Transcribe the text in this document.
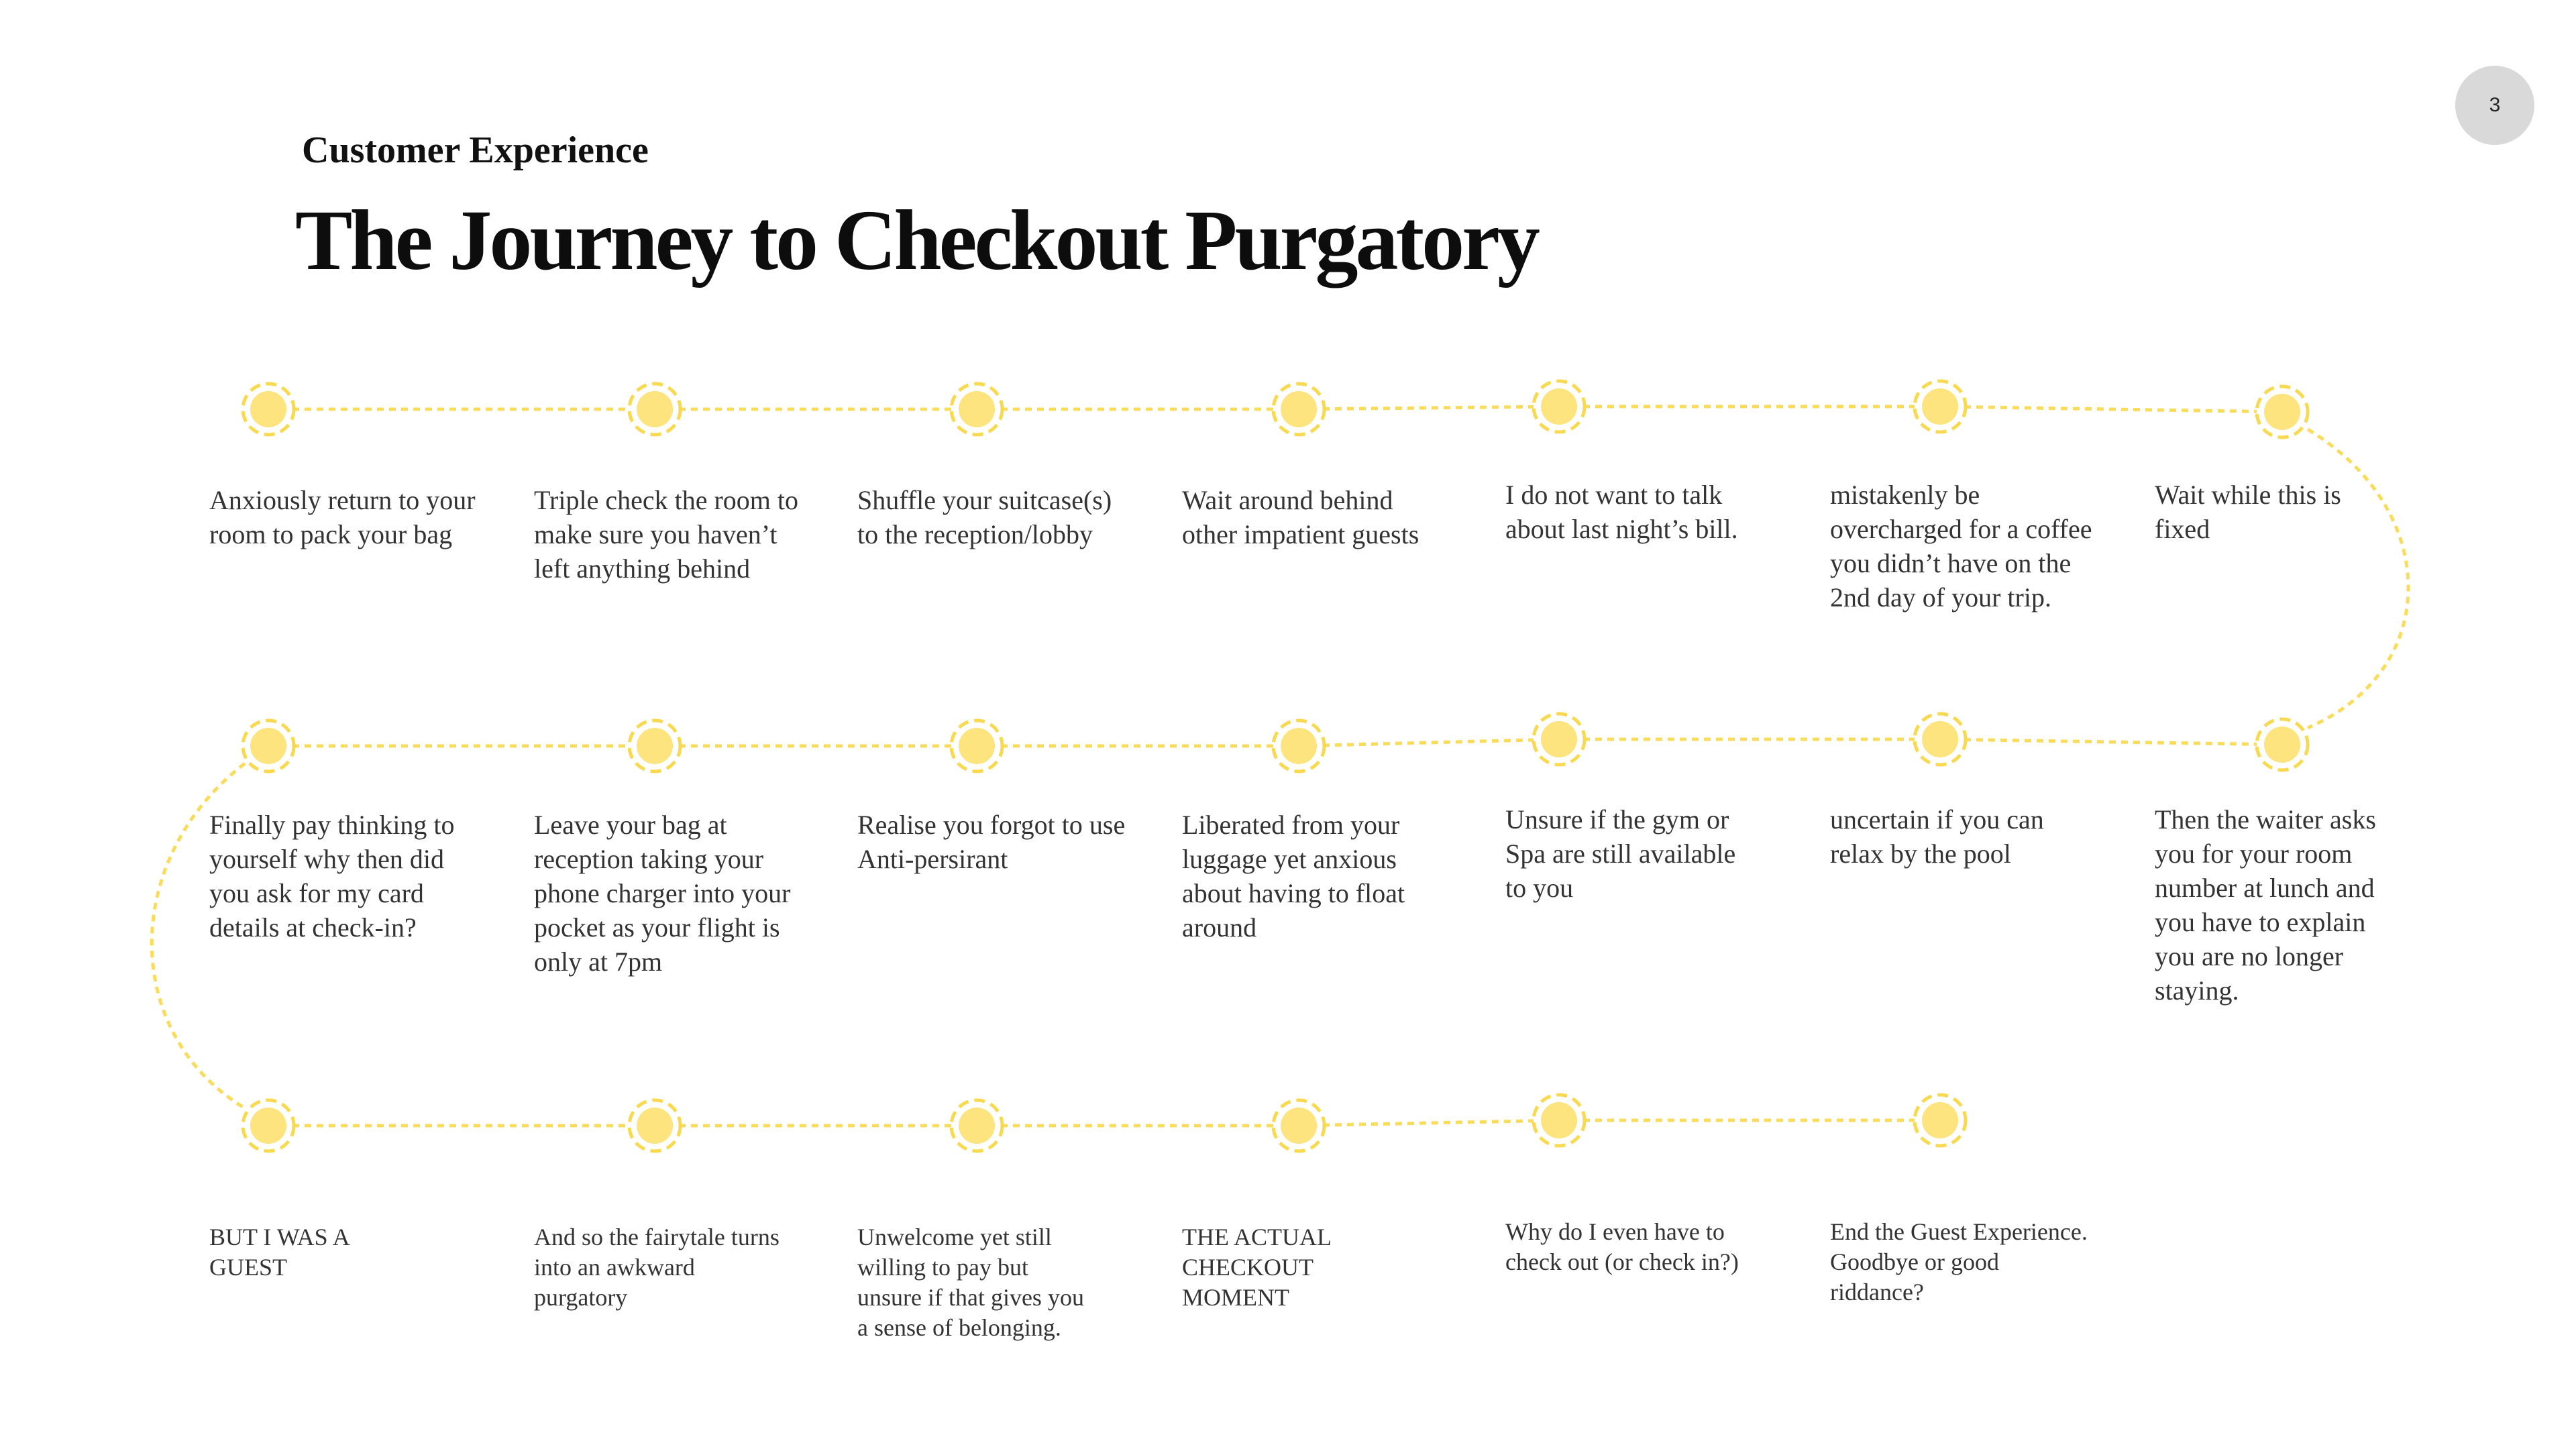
3
Customer Experience
The Journey to Checkout Purgatory

Anxiously return to your room to pack your bag

Triple check the room to make sure you haven’t left anything behind

Shuffle your suitcase(s) to the reception/lobby

Wait around behind other impatient guests

I do not want to talk about last night’s bill.

mistakenly be overcharged for a coffee you didn’t have on the 2nd day of your trip.

Wait while this is fixed

Then the waiter asks you for your room number at lunch and you have to explain you are no longer staying.

uncertain if you can relax by the pool

Unsure if the gym or Spa are still available to you

Liberated from your luggage yet anxious about having to float around

Realise you forgot to use Anti-persirant

Leave your bag at reception taking your phone charger into your pocket as your flight is only at 7pm

Finally pay thinking to yourself why then did you ask for my card details at check-in?

BUT I WAS A GUEST

And so the fairytale turns into an awkward purgatory

Unwelcome yet still willing to pay but unsure if that gives you a sense of belonging.

THE ACTUAL CHECKOUT MOMENT

Why do I even have to check out (or check in?)

End the Guest Experience. Goodbye or good riddance?
